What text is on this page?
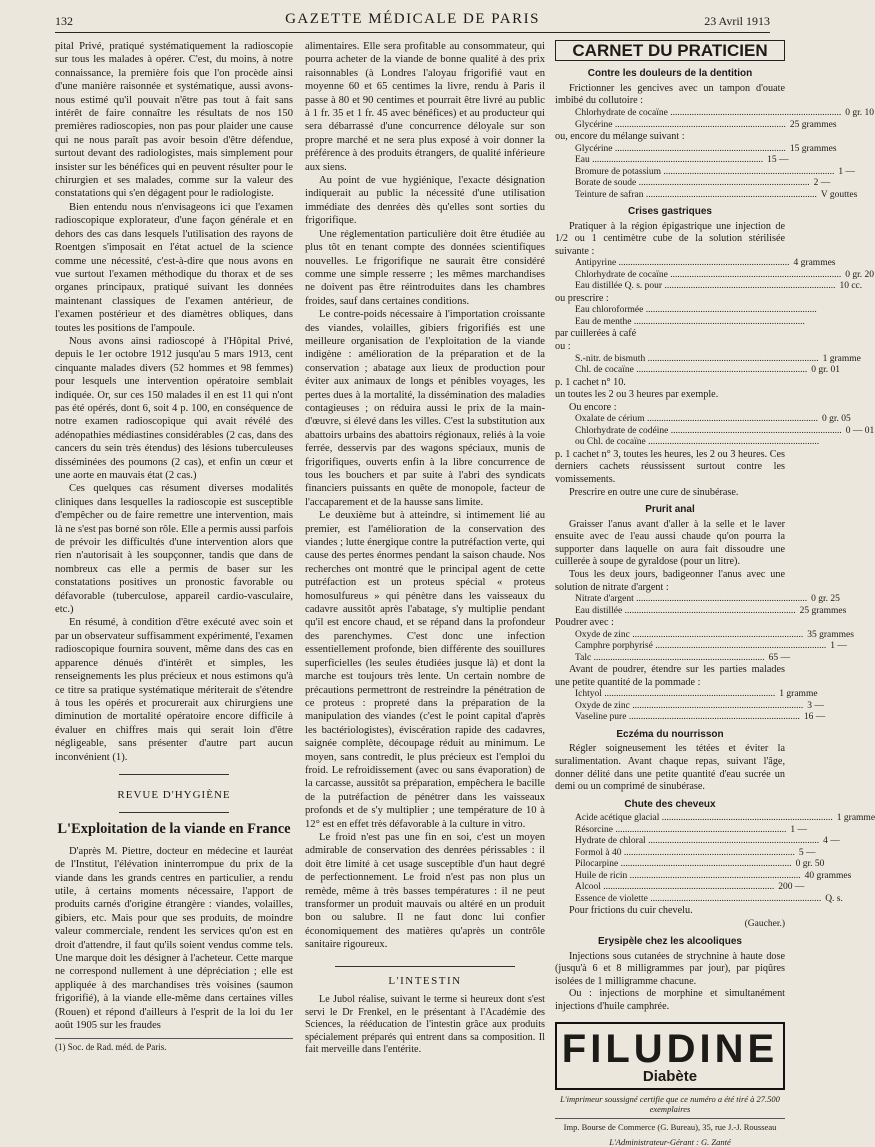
132	GAZETTE MÉDICALE DE PARIS	23 Avril 1913

pital Privé, pratiqué systématiquement la radioscopie sur tous les malades à opérer. C'est, du moins, à notre connaissance, la première fois que l'on procède ainsi d'une manière raisonnée et systématique, aussi avons-nous estimé qu'il pouvait n'être pas tout à fait sans intérêt de faire connaître les résultats de nos 150 premières radioscopies, non pas pour plaider une cause qui ne nous paraît pas avoir besoin d'être défendue, surtout devant des radiologistes, mais simplement pour insister sur les bénéfices qui en peuvent résulter pour le chirurgien et ses malades, comme sur la valeur des constatations qui s'en dégagent pour le radiologiste.

Bien entendu nous n'envisageons ici que l'examen radioscopique explorateur, d'une façon générale et en dehors des cas dans lesquels l'utilisation des rayons de Roentgen s'imposait en l'état actuel de la science comme une nécessité, c'est-à-dire que nous avons en vue surtout l'examen méthodique du thorax et de ses organes principaux, pratiqué suivant les données maintenant classiques de l'examen antérieur, de l'examen postérieur et des diamètres obliques, dans toutes les positions de l'ampoule.

Nous avons ainsi radioscopé à l'Hôpital Privé, depuis le 1er octobre 1912 jusqu'au 5 mars 1913, cent cinquante malades divers (52 hommes et 98 femmes) pour lesquels une intervention opératoire semblait indiquée. Or, sur ces 150 malades il en est 11 qui n'ont pas été opérés, dont 6, soit 4 p. 100, en conséquence de notre examen radioscopique qui avait révélé des adénopathies médiastines considérables (2 cas, dans des cancers du sein très étendus) des lésions tuberculeuses disséminées des poumons (2 cas), et enfin un cœur et une aorte en mauvais état (2 cas.)

Ces quelques cas résument diverses modalités cliniques dans lesquelles la radioscopie est susceptible d'empêcher ou de faire remettre une intervention, mais là ne s'est pas borné son rôle. Elle a permis aussi parfois de prévoir les difficultés d'une intervention alors que rien n'autorisait à les soupçonner, tandis que dans de nombreux cas elle a permis de baser sur les constatations positives un pronostic favorable ou défavorable (tuberculose, appareil cardio-vasculaire, etc.)

En résumé, à condition d'être exécuté avec soin et par un observateur suffisamment expérimenté, l'examen radioscopique fournira souvent, même dans des cas en apparence dénués d'intérêt et simples, les renseignements les plus précieux et nous estimons qu'à ce titre sa pratique systématique mériterait de s'étendre à tous les opérés et procurerait aux chirurgiens une diminution de mortalité opératoire encore difficile à évaluer en chiffres mais qui serait loin d'être négligeable, sans présenter d'autre part aucun inconvénient (1).

REVUE D'HYGIÈNE
L'Exploitation de la viande en France

D'après M. Piettre, docteur en médecine et lauréat de l'Institut, l'élévation ininterrompue du prix de la viande dans les grands centres en particulier, a rendu utile, à certains moments nécessaire, l'apport de produits carnés d'origine étrangère : viandes, volailles, gibiers, etc. Mais pour que ses produits, de moindre valeur commerciale, rendent les services qu'on est en droit d'attendre, il faut qu'ils soient vendus comme tels. Une marque doit les désigner à l'acheteur. Cette marque ne correspond nullement à une dépréciation ; elle est appliquée à des marchandises très voisines (saumon frigorifié), à la viande elle-même dans certaines villes (Rouen) et répond d'ailleurs à l'esprit de la loi du 1er août 1905 sur les fraudes

(1) Soc. de Rad. méd. de Paris.

alimentaires. Elle sera profitable au consommateur, qui pourra acheter de la viande de bonne qualité à des prix raisonnables (à Londres l'aloyau frigorifié vaut en moyenne 60 et 65 centimes la livre, rendu à Paris il passe à 80 et 90 centimes et pourrait être livré au public à 1 fr. 35 et 1 fr. 45 avec bénéfices) et au producteur qui sera débarrassé d'une concurrence déloyale sur son propre marché et ne sera plus exposé à voir donner la préférence à des produits étrangers, de qualité inférieure aux siens.

Au point de vue hygiénique, l'exacte désignation indiquerait au public la nécessité d'une utilisation immédiate des denrées dès qu'elles sont sorties du frigorifique.

Une réglementation particulière doit être étudiée au plus tôt en tenant compte des données scientifiques nouvelles. Le frigorifique ne saurait être considéré comme une simple resserre ; les mêmes marchandises ne doivent pas être réintroduites dans les chambres froides, sauf dans certaines conditions.

Le contre-poids nécessaire à l'importation croissante des viandes, volailles, gibiers frigorifiés est une meilleure organisation de l'exploitation de la viande indigène : amélioration de la préparation et de la conservation ; abatage aux lieux de production pour éviter aux animaux de longs et pénibles voyages, les pertes dues à la mortalité, la dissémination des maladies contagieuses ; on réduira aussi le prix de la main-d'œuvre, si élevé dans les villes. C'est la substitution aux abattoirs urbains des abattoirs régionaux, reliés à la voie ferrée, desservis par des wagons spéciaux, munis de frigorifiques, ouverts enfin à la libre concurrence de tous les bouchers et par suite à l'abri des syndicats financiers puissants en quête de monopole, facteur de l'accaparement et de la hausse sans limite.

Le deuxième but à atteindre, si intimement lié au premier, est l'amélioration de la conservation des viandes ; lutte énergique contre la putréfaction verte, qui cause des pertes énormes pendant la saison chaude. Nos recherches ont montré que le principal agent de cette putréfaction est un proteus spécial « proteus homosulfureus » qui pénètre dans les vaisseaux du cadavre aussitôt après l'abatage, s'y multiplie pendant qu'il est encore chaud, et se répand dans la profondeur des parenchymes. C'est donc une infection essentiellement profonde, bien différente des souillures superficielles (les seules étudiées jusque là) et dont la marche est toujours très lente. Un certain nombre de précautions permettront de restreindre la pénétration de ce proteus : propreté dans la préparation de la manipulation des viandes (c'est le point capital d'après les bactériologistes), éviscération rapide des cadavres, saignée complète, découpage réduit au minimum. Le moyen, sans contredit, le plus précieux est l'emploi du froid. Le refroidissement (avec ou sans évaporation) de la carcasse, aussitôt sa préparation, empêchera le bacille de la putréfaction de pénétrer dans les vaisseaux profonds et de s'y multiplier ; une température de 10 à 12° est en effet très défavorable à la culture in vitro.

Le froid n'est pas une fin en soi, c'est un moyen admirable de conservation des denrées périssables : il doit être limité à cet usage susceptible d'un haut degré de perfectionnement. Le froid n'est pas non plus un remède, même à très basses températures : il ne peut transformer un produit mauvais ou altéré en un produit bon ou salubre. Il ne faut donc lui confier économiquement des matières qu'après un contrôle sanitaire rigoureux.

L'INTESTIN

Le Jubol réalise, suivant le terme si heureux dont s'est servi le Dr Frenkel, en le présentant à l'Académie des Sciences, la rééducation de l'intestin grâce aux produits spécialement préparés qui entrent dans sa composition. Il fait merveille dans l'entérite.

CARNET DU PRATICIEN
Contre les douleurs de la dentition

Frictionner les gencives avec un tampon d'ouate imbibé du collutoire :

Chlorhydrate de cocaïne .....	0 gr. 10
Glycérine .....	25 grammes

ou, encore du mélange suivant :

Glycérine .....	15 grammes
Eau .....	15 —
Bromure de potassium .....	1 —
Borate de soude .....	2 —
Teinture de safran .....	V gouttes
Crises gastriques

Pratiquer à la région épigastrique une injection de 1/2 ou 1 centimètre cube de la solution stérilisée suivante :

Antipyrine .....	4 grammes
Chlorhydrate de cocaïne .....	0 gr. 20
Eau distillée Q. s. pour .....	10 cc.

ou prescrire :

Eau chloroformée .....
Eau de menthe .....

par cuillerées à café

ou :

S.-nitr. de bismuth .....	1 gramme
Chl. de cocaïne .....	0 gr. 01

p. 1 cachet n° 10.

un toutes les 2 ou 3 heures par exemple.

Ou encore :

Oxalate de cérium .....	0 gr. 05
Chlorhydrate de codéine .....	0 — 01
ou Chl. de cocaïne .....

p. 1 cachet n° 3, toutes les heures, les 2 ou 3 heures. Ces derniers cachets réussissent surtout contre les vomissements.

Prescrire en outre une cure de sinubérase.

Prurit anal

Graisser l'anus avant d'aller à la selle et le laver ensuite avec de l'eau aussi chaude qu'on pourra la supporter dans laquelle on aura fait dissoudre une cuillerée à soupe de gyraldose (pour un litre).

Tous les deux jours, badigeonner l'anus avec une solution de nitrate d'argent :

Nitrate d'argent .....	0 gr. 25
Eau distillée .....	25 grammes

Poudrer avec :

Oxyde de zinc .....	35 grammes
Camphre porphyrisé .....	1 —
Talc .....	65 —

Avant de poudrer, étendre sur les parties malades une petite quantité de la pommade :

Ichtyol .....	1 gramme
Oxyde de zinc .....	3 —
Vaseline pure .....	16 —
Eczéma du nourrisson

Régler soigneusement les tétées et éviter la suralimentation. Avant chaque repas, suivant l'âge, donner délité dans une petite quantité d'eau sucrée un demi ou un comprimé de sinubérase.

Chute des cheveux
Acide acétique glacial .....	1 gramme
Résorcine .....	1 —
Hydrate de chloral .....	4 —
Formol à 40 .....	5 —
Pilocarpine .....	0 gr. 50
Huile de ricin .....	40 grammes
Alcool .....	200 —
Essence de violette .....	Q. s.

Pour frictions du cuir chevelu.

(Gaucher.)
Erysipèle chez les alcooliques

Injections sous cutanées de strychnine à haute dose (jusqu'à 6 et 8 milligrammes par jour), par piqûres isolées de 1 milligramme chacune.

Ou : injections de morphine et simultanément injections d'huile camphrée.

FILUDINE
Diabète
L'imprimeur soussigné certifie que ce numéro a été tiré à 27.500 exemplaires
Imp. Bourse de Commerce (G. Bureau), 35, rue J.-J. Rousseau
L'Administrateur-Gérant : G. Zanté
